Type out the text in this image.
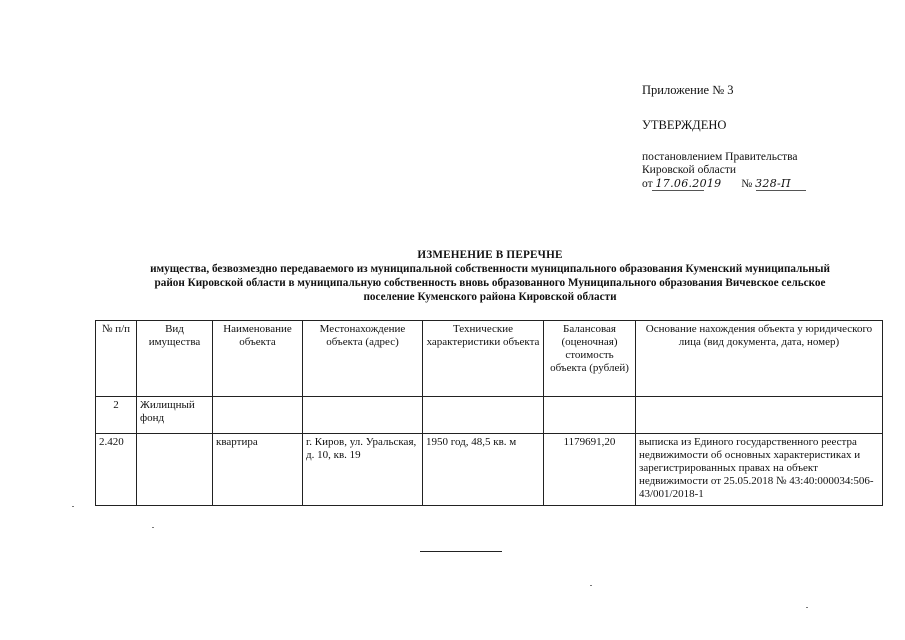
Приложение № 3
УТВЕРЖДЕНО
постановлением Правительства
Кировской области
от 17.06.2019 № 328-П
ИЗМЕНЕНИЕ В ПЕРЕЧНЕ
имущества, безвозмездно передаваемого из муниципальной собственности муниципального образования Куменский муниципальный район Кировской области в муниципальную собственность вновь образованного Муниципального образования Вичевское сельское поселение Куменского района Кировской области
№ п/п	Вид имущества	Наименование объекта	Местонахождение объекта (адрес)	Технические характеристики объекта	Балансовая (оценочная) стоимость объекта (рублей)	Основание нахождения объекта у юридического лица (вид документа, дата, номер)
2	Жилищный фонд					
2.420		квартира	г. Киров, ул. Уральская, д. 10, кв. 19	1950 год, 48,5 кв. м	1179691,20	выписка из Единого государственного реестра недвижимости об основных характеристиках и зарегистрированных правах на объект недвижимости от 25.05.2018 № 43:40:000034:506-43/001/2018-1
